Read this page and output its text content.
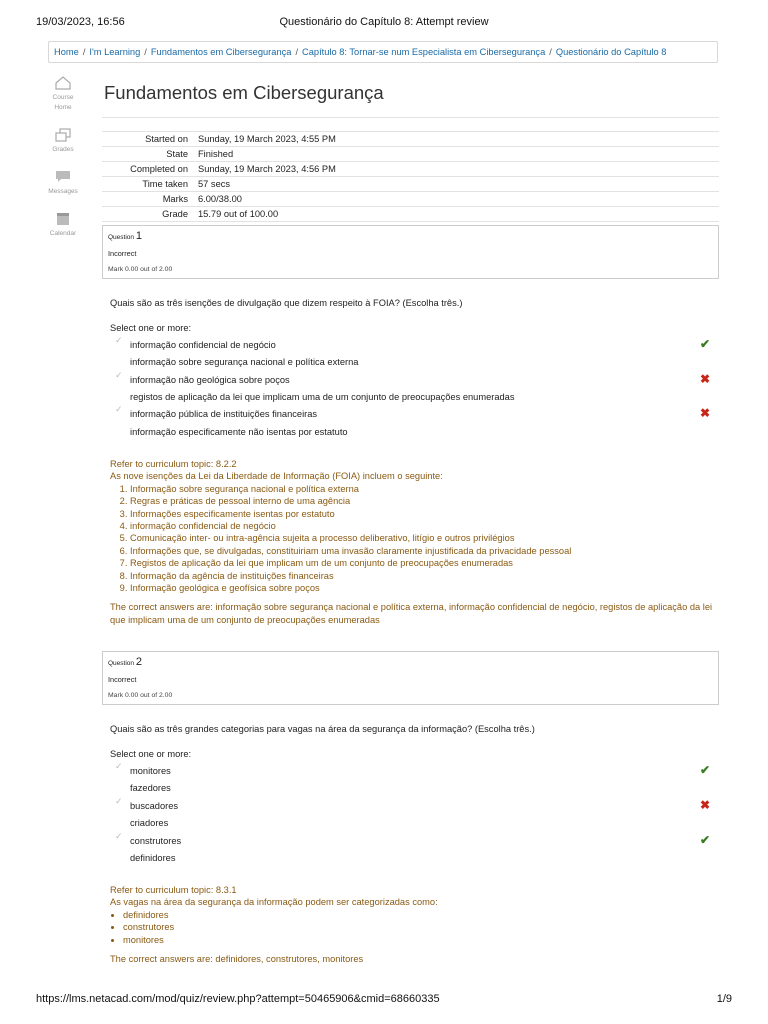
19/03/2023, 16:56	Questionário do Capítulo 8: Attempt review
Home / I'm Learning / Fundamentos em Cibersegurança / Capítulo 8: Tornar-se num Especialista em Cibersegurança / Questionário do Capítulo 8
Course
Home
Grades
Messages
Calendar
Fundamentos em Cibersegurança

Started on	Sunday, 19 March 2023, 4:55 PM
State	Finished
Completed on	Sunday, 19 March 2023, 4:56 PM
Time taken	57 secs
Marks	6.00/38.00
Grade	15.79 out of 100.00
Question 1
Incorrect
Mark 0.00 out of 2.00
Quais são as três isenções de divulgação que dizem respeito à FOIA? (Escolha três.)
Select one or more:
✓ informação confidencial de negócio	✔
informação sobre segurança nacional e política externa
✓ informação não geológica sobre poços	✖
registos de aplicação da lei que implicam uma de um conjunto de preocupações enumeradas
✓ informação pública de instituições financeiras	✖
informação especificamente não isentas por estatuto
Refer to curriculum topic: 8.2.2
As nove isenções da Lei da Liberdade de Informação (FOIA) incluem o seguinte:
1. Informação sobre segurança nacional e política externa
2. Regras e práticas de pessoal interno de uma agência
3. Informações especificamente isentas por estatuto
4. informação confidencial de negócio
5. Comunicação inter- ou intra-agência sujeita a processo deliberativo, litígio e outros privilégios
6. Informações que, se divulgadas, constituiriam uma invasão claramente injustificada da privacidade pessoal
7. Registos de aplicação da lei que implicam um de um conjunto de preocupações enumeradas
8. Informação da agência de instituições financeiras
9. Informação geológica e geofísica sobre poços
The correct answers are: informação sobre segurança nacional e política externa, informação confidencial de negócio, registos de aplicação da lei que implicam uma de um conjunto de preocupações enumeradas
Question 2
Incorrect
Mark 0.00 out of 2.00
Quais são as três grandes categorias para vagas na área da segurança da informação? (Escolha três.)
Select one or more:
✓ monitores	✔
fazedores
✓ buscadores	✖
criadores
✓ construtores	✔
definidores
Refer to curriculum topic: 8.3.1
As vagas na área da segurança da informação podem ser categorizadas como:
• definidores
• construtores
• monitores
The correct answers are: definidores, construtores, monitores
https://lms.netacad.com/mod/quiz/review.php?attempt=50465906&cmid=68660335	1/9
